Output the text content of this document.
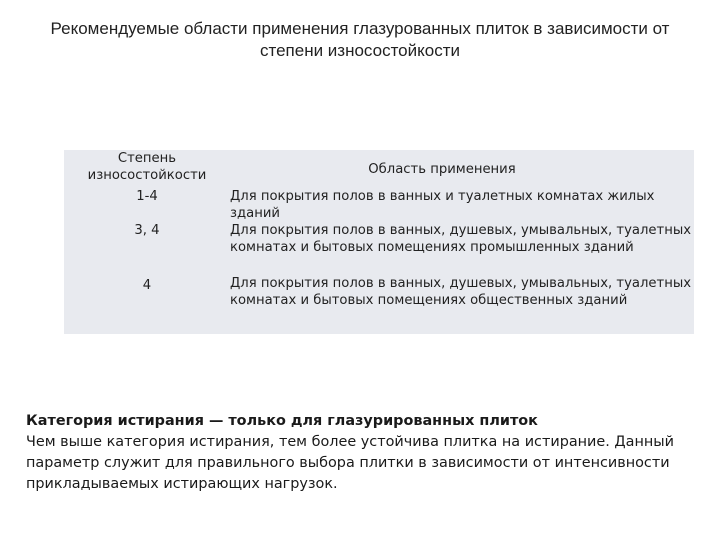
Рекомендуемые области применения глазурованных плиток в зависимости от степени износостойкости
Степень износостойкости	Область применения
1-4	Для покрытия полов в ванных и туалетных комнатах жилых зданий
3, 4	Для покрытия полов в ванных, душевых, умывальных, туалетных комнатах и бытовых помещениях промышленных зданий
4	Для покрытия полов в ванных, душевых, умывальных, туалетных комнатах и бытовых помещениях общественных зданий
Категория истирания — только для глазурированных плиток
Чем выше категория истирания, тем более устойчива плитка на истирание. Данный параметр служит для правильного выбора плитки в зависимости от интенсивности прикладываемых истирающих нагрузок.
